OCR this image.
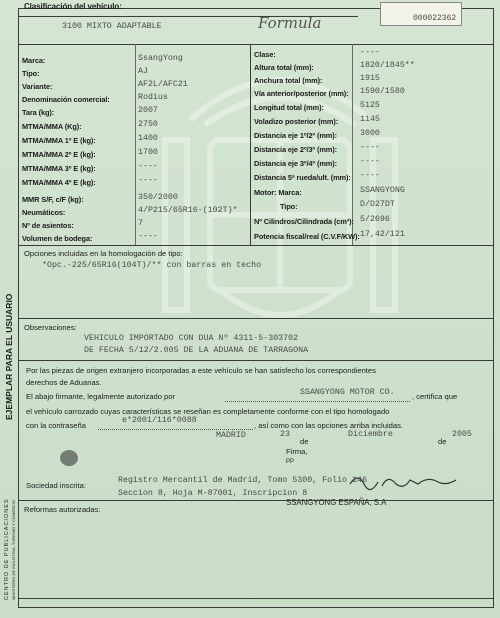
000022362
Clasificación del vehículo:
3100 MIXTO ADAPTABLE	Formula
Marca:	SsangYong
Tipo:	AJ
Variante:	AF2L/AFC21
Denominación comercial:	Rodius
Tara (kg):	2007
MTMA/MMA (Kg):	2750
MTMA/MMA 1º E (kg):	1400
MTMA/MMA 2º E (kg):	1700
MTMA/MMA 3º E (kg):	----
MTMA/MMA 4º E (kg):	----
MMR S/F, c/F (kg):	350/2000
Neumáticos:	4/P215/65R16-(102T)*
Nº de asientos:	7
Volumen de bodega:	----
Clase:	----
Altura total (mm):	1820/1845**
Anchura total (mm):	1915
Vía anterior/posterior (mm): 1590/1580
Longitud total (mm):	5125
Voladizo posterior (mm):	1145
Distancia eje 1º/2º (mm):	3000
Distancia eje 2º/3º (mm):	----
Distancia eje 3º/4º (mm):	----
Distancia 5ª rueda/ult. (mm): ----
Motor: Marca:	SSANGYONG
Tipo:	D/D27DT
Nº Cilindros/Cilindrada (cm³): 5/2696
Potencia fiscal/real (C.V.F/KW): 17,42/121
Opciones incluidas en la homologación de tipo:
*Opc.-225/65R16(104T)/** con barras en techo
Observaciones:
VEHICULO IMPORTADO CON DUA Nº 4311-5-303702
DE FECHA 5/12/2.005 DE LA ADUANA DE TARRAGONA
Por las piezas de origen extranjero incorporadas a este vehículo se han satisfecho los correspondientes
derechos de Aduanas.
El abajo firmante, legalmente autorizado por	SSANGYONG MOTOR CO. , certifica que
el vehículo carrozado cuyas características se reseñan es completamente conforme con el tipo homologado
con la contraseña
e*2001/116*0088
, así como con las opciones arriba incluidas.
MADRID	23
de
Diciembre
de
2005
Firma,
PP
SSANGYONG ESPAÑA, S.A
Sociedad inscrita:
Registro Mercantil de Madrid, Tomo 5300, Folio 146
Seccion 8, Hoja M-87001, Inscripcion 8
Reformas autorizadas:
EJEMPLAR PARA EL USUARIO
CENTRO DE PUBLICACIONES MINISTERIO DE INDUSTRIA, TURISMO Y COMERCIO
